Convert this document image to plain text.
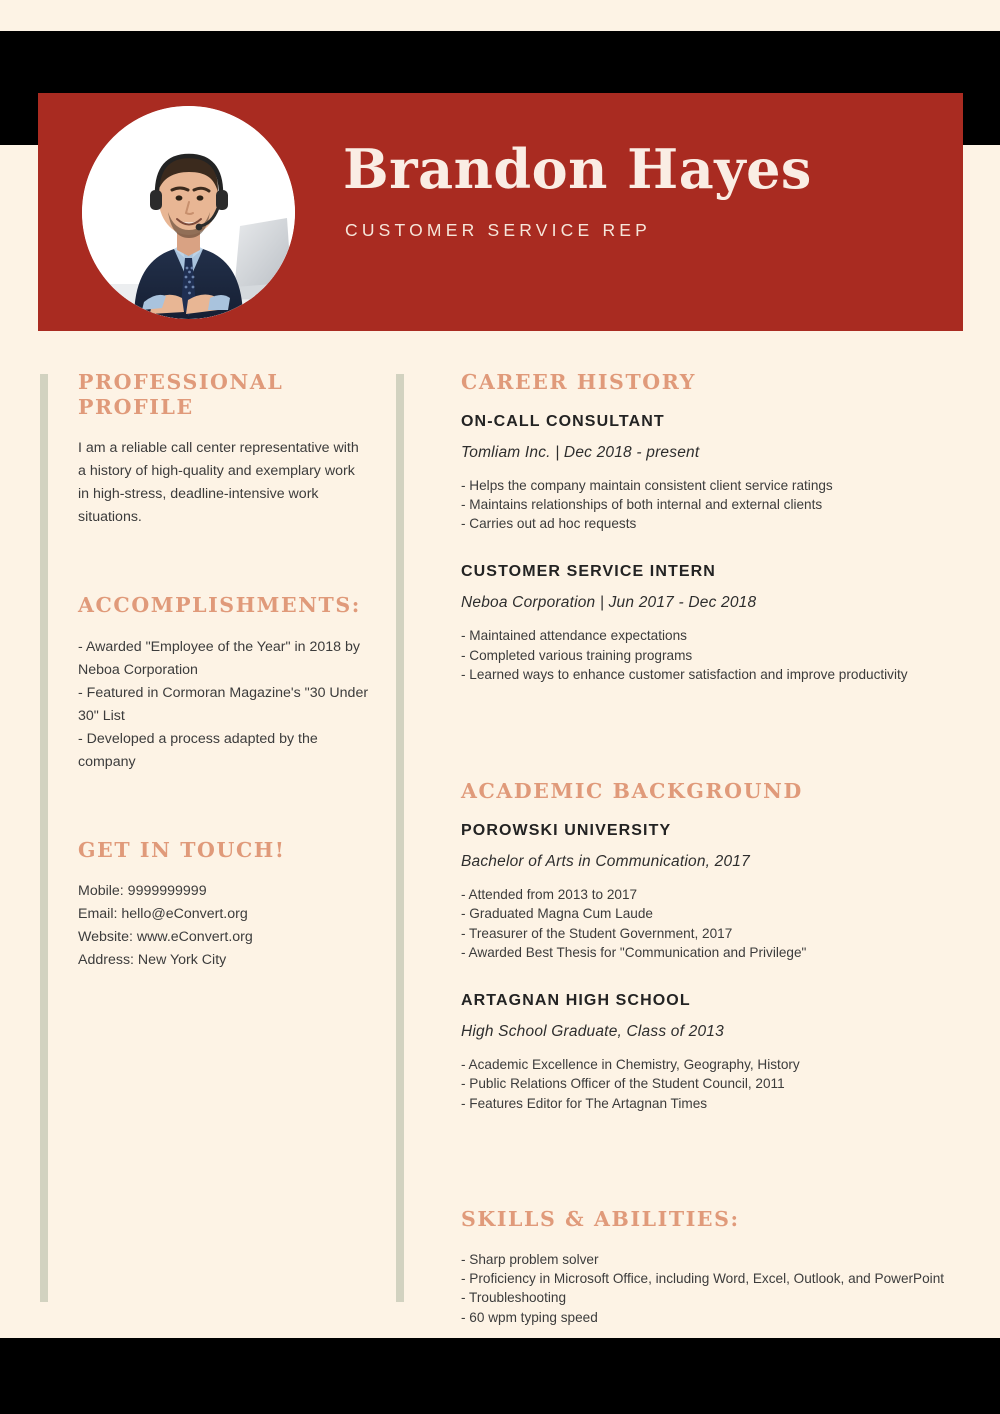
Brandon Hayes
CUSTOMER SERVICE REP
PROFESSIONAL PROFILE

I am a reliable call center representative with
a history of high-quality and exemplary work
in high-stress, deadline-intensive work
situations.

ACCOMPLISHMENTS:

- Awarded "Employee of the Year" in 2018 by
Neboa Corporation
- Featured in Cormoran Magazine's "30 Under
30" List
- Developed a process adapted by the
company

GET IN TOUCH!

Mobile: 9999999999
Email: hello@eConvert.org
Website: www.eConvert.org
Address: New York City

CAREER HISTORY
ON-CALL CONSULTANT
Tomliam Inc. | Dec 2018 - present
- Helps the company maintain consistent client service ratings
- Maintains relationships of both internal and external clients
- Carries out ad hoc requests
CUSTOMER SERVICE INTERN
Neboa Corporation | Jun 2017 - Dec 2018
- Maintained attendance expectations
- Completed various training programs
- Learned ways to enhance customer satisfaction and improve productivity
ACADEMIC BACKGROUND
POROWSKI UNIVERSITY
Bachelor of Arts in Communication, 2017
- Attended from 2013 to 2017
- Graduated Magna Cum Laude
- Treasurer of the Student Government, 2017
- Awarded Best Thesis for "Communication and Privilege"
ARTAGNAN HIGH SCHOOL
High School Graduate, Class of 2013
- Academic Excellence in Chemistry, Geography, History
- Public Relations Officer of the Student Council, 2011
- Features Editor for The Artagnan Times
SKILLS & ABILITIES:
- Sharp problem solver
- Proficiency in Microsoft Office, including Word, Excel, Outlook, and PowerPoint
- Troubleshooting
- 60 wpm typing speed
